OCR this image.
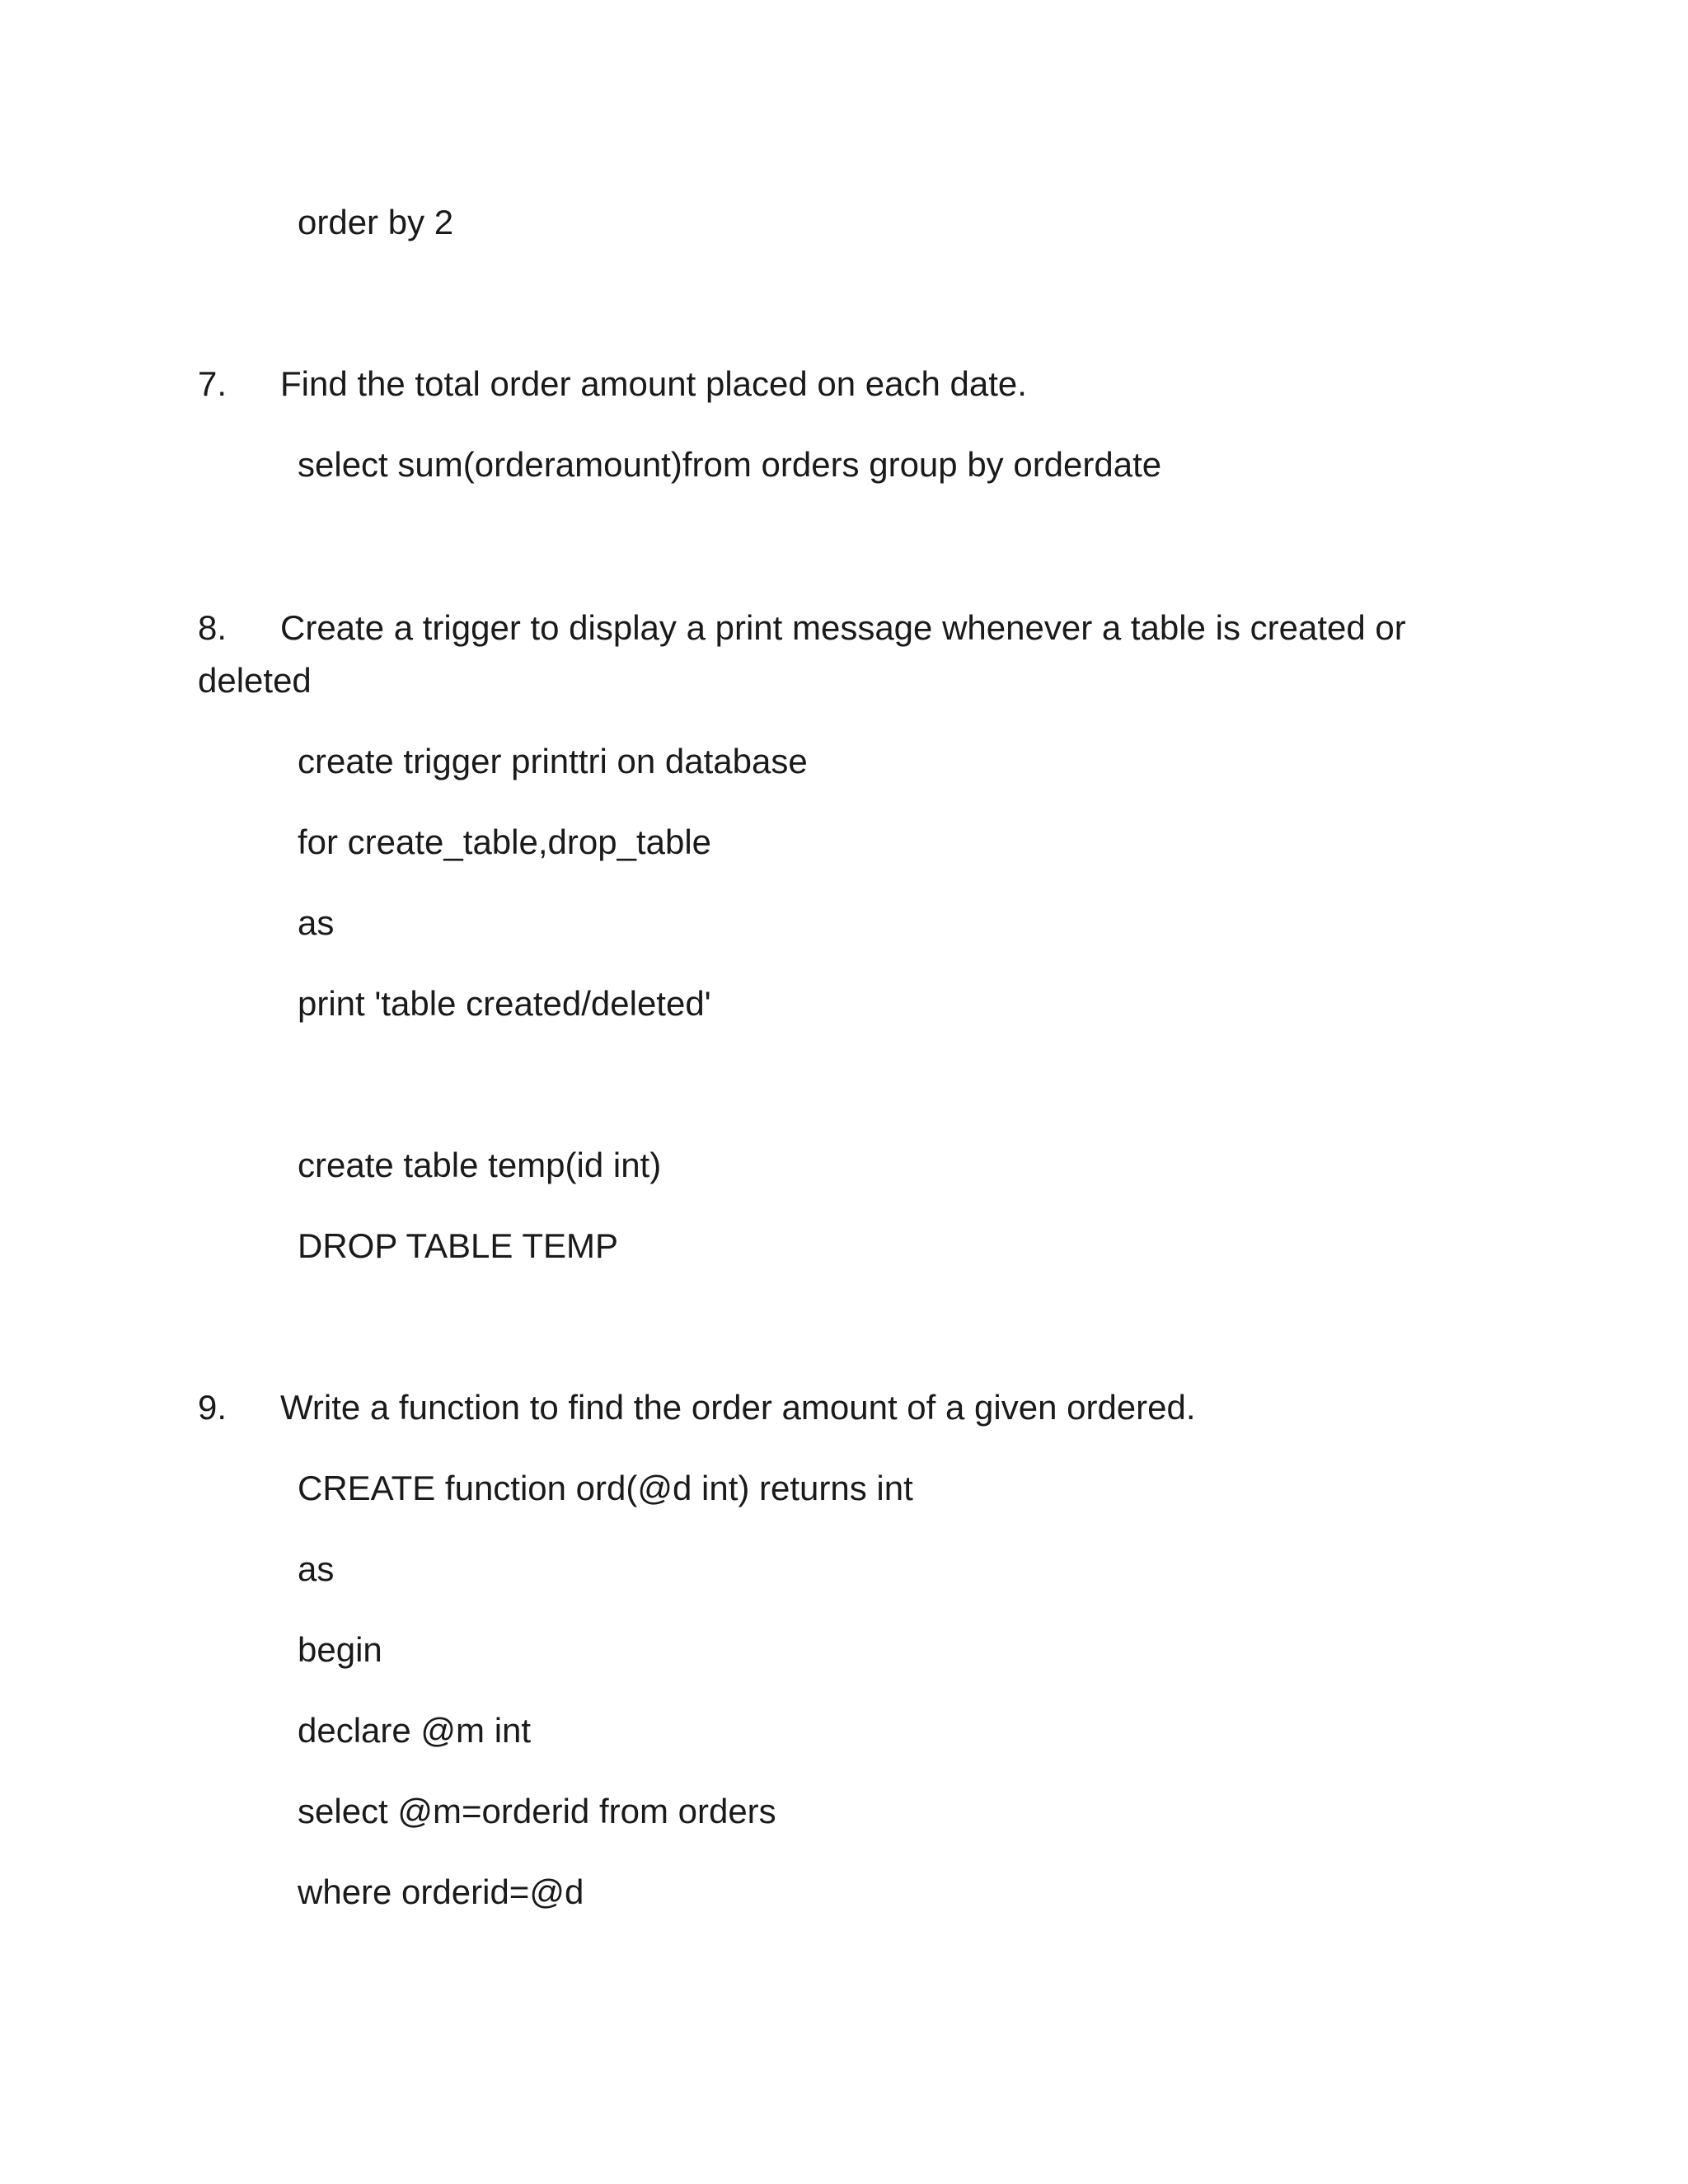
order by 2
7. Find the total order amount placed on each date.
select sum(orderamount)from orders group by orderdate
8. Create a trigger to display a print message whenever a table is created or
deleted
create trigger printtri on database
for create_table,drop_table
as
print 'table created/deleted'
create table temp(id int)
DROP TABLE TEMP
9. Write a function to find the order amount of a given ordered.
CREATE function ord(@d int) returns int
as
begin
declare @m int
select @m=orderid from orders
where orderid=@d
